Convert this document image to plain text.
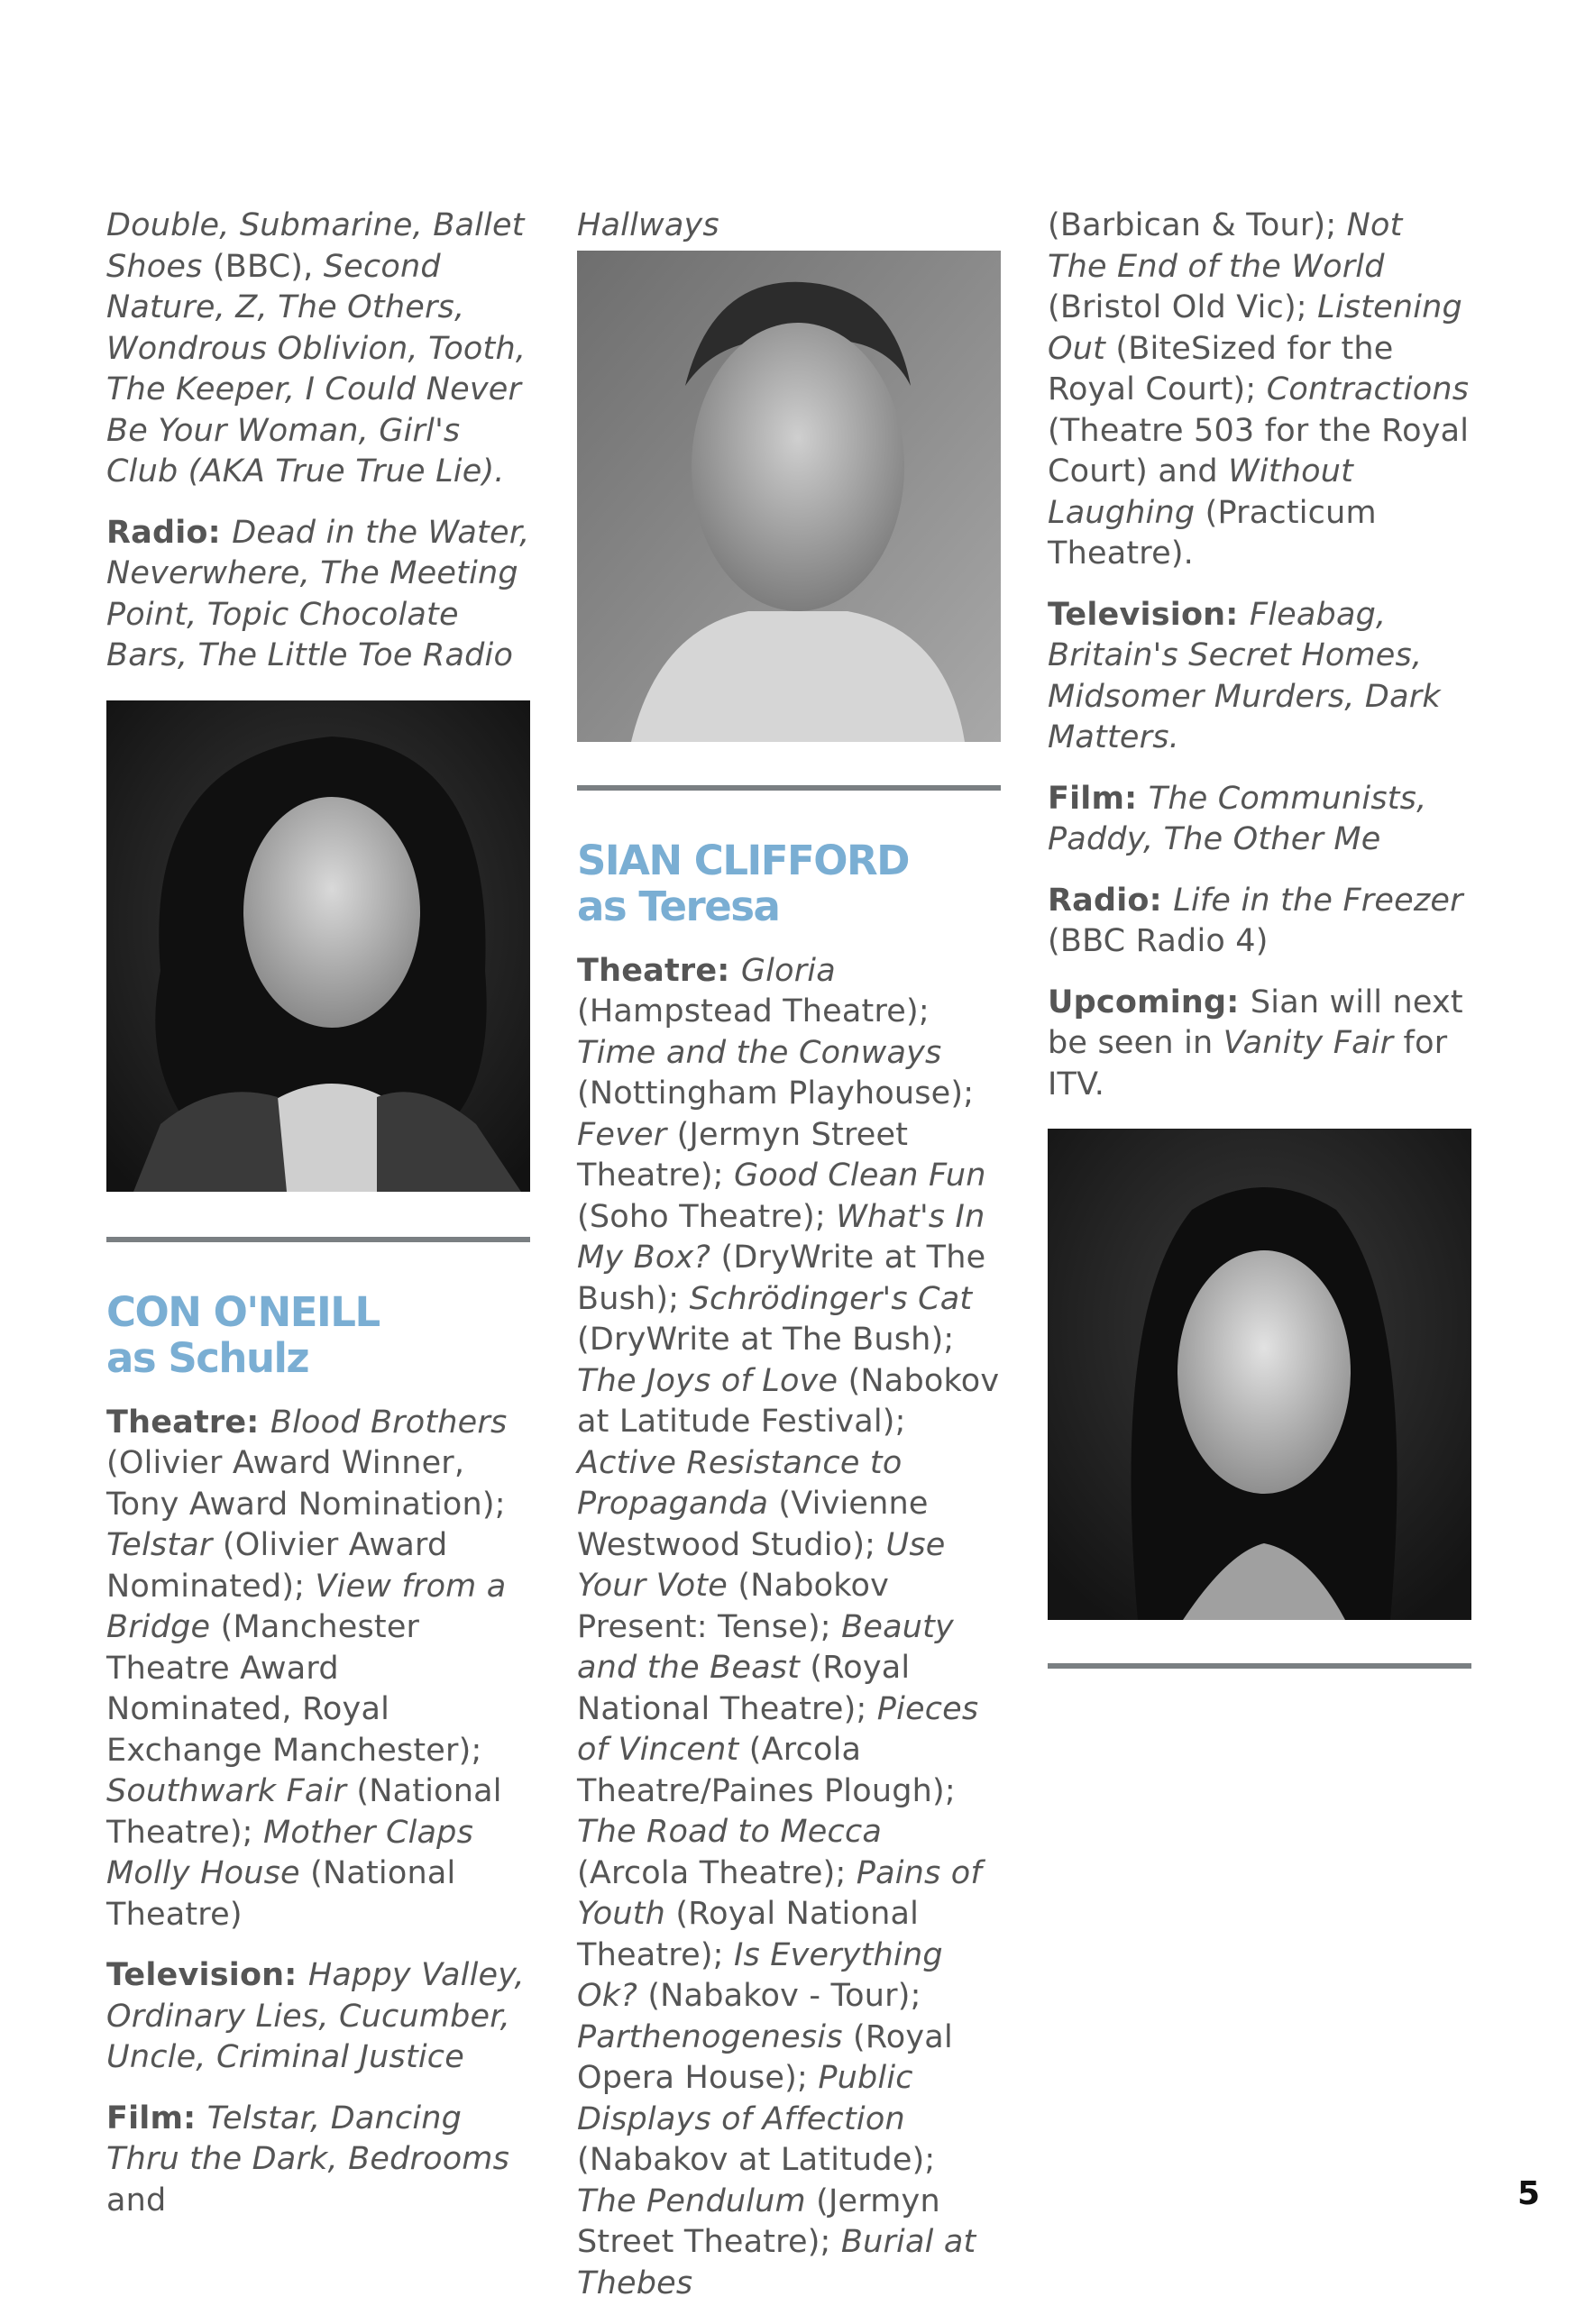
Double, Submarine, Ballet Shoes (BBC), Second Nature, Z, The Others, Wondrous Oblivion, Tooth, The Keeper, I Could Never Be Your Woman, Girl's Club (AKA True True Lie).

Radio: Dead in the Water, Neverwhere, The Meeting Point, Topic Chocolate Bars, The Little Toe Radio

CON O'NEILL
as Schulz

Theatre: Blood Brothers (Olivier Award Winner, Tony Award Nomination); Telstar (Olivier Award Nominated); View from a Bridge (Manchester Theatre Award Nominated, Royal Exchange Manchester); Southwark Fair (National Theatre); Mother Claps Molly House (National Theatre)

Television: Happy Valley, Ordinary Lies, Cucumber, Uncle, Criminal Justice

Film: Telstar, Dancing Thru the Dark, Bedrooms and

Hallways

SIAN CLIFFORD
as Teresa

Theatre: Gloria (Hampstead Theatre); Time and the Conways (Nottingham Playhouse); Fever (Jermyn Street Theatre); Good Clean Fun (Soho Theatre); What's In My Box? (DryWrite at The Bush); Schrödinger's Cat (DryWrite at The Bush); The Joys of Love (Nabokov at Latitude Festival); Active Resistance to Propaganda (Vivienne Westwood Studio); Use Your Vote (Nabokov Present: Tense); Beauty and the Beast (Royal National Theatre); Pieces of Vincent (Arcola Theatre/Paines Plough); The Road to Mecca (Arcola Theatre); Pains of Youth (Royal National Theatre); Is Everything Ok? (Nabakov - Tour); Parthenogenesis (Royal Opera House); Public Displays of Affection (Nabakov at Latitude); The Pendulum (Jermyn Street Theatre); Burial at Thebes

(Barbican & Tour); Not The End of the World (Bristol Old Vic); Listening Out (BiteSized for the Royal Court); Contractions (Theatre 503 for the Royal Court) and Without Laughing (Practicum Theatre).

Television: Fleabag, Britain's Secret Homes, Midsomer Murders, Dark Matters.

Film: The Communists, Paddy, The Other Me

Radio: Life in the Freezer (BBC Radio 4)

Upcoming: Sian will next be seen in Vanity Fair for ITV.

5
